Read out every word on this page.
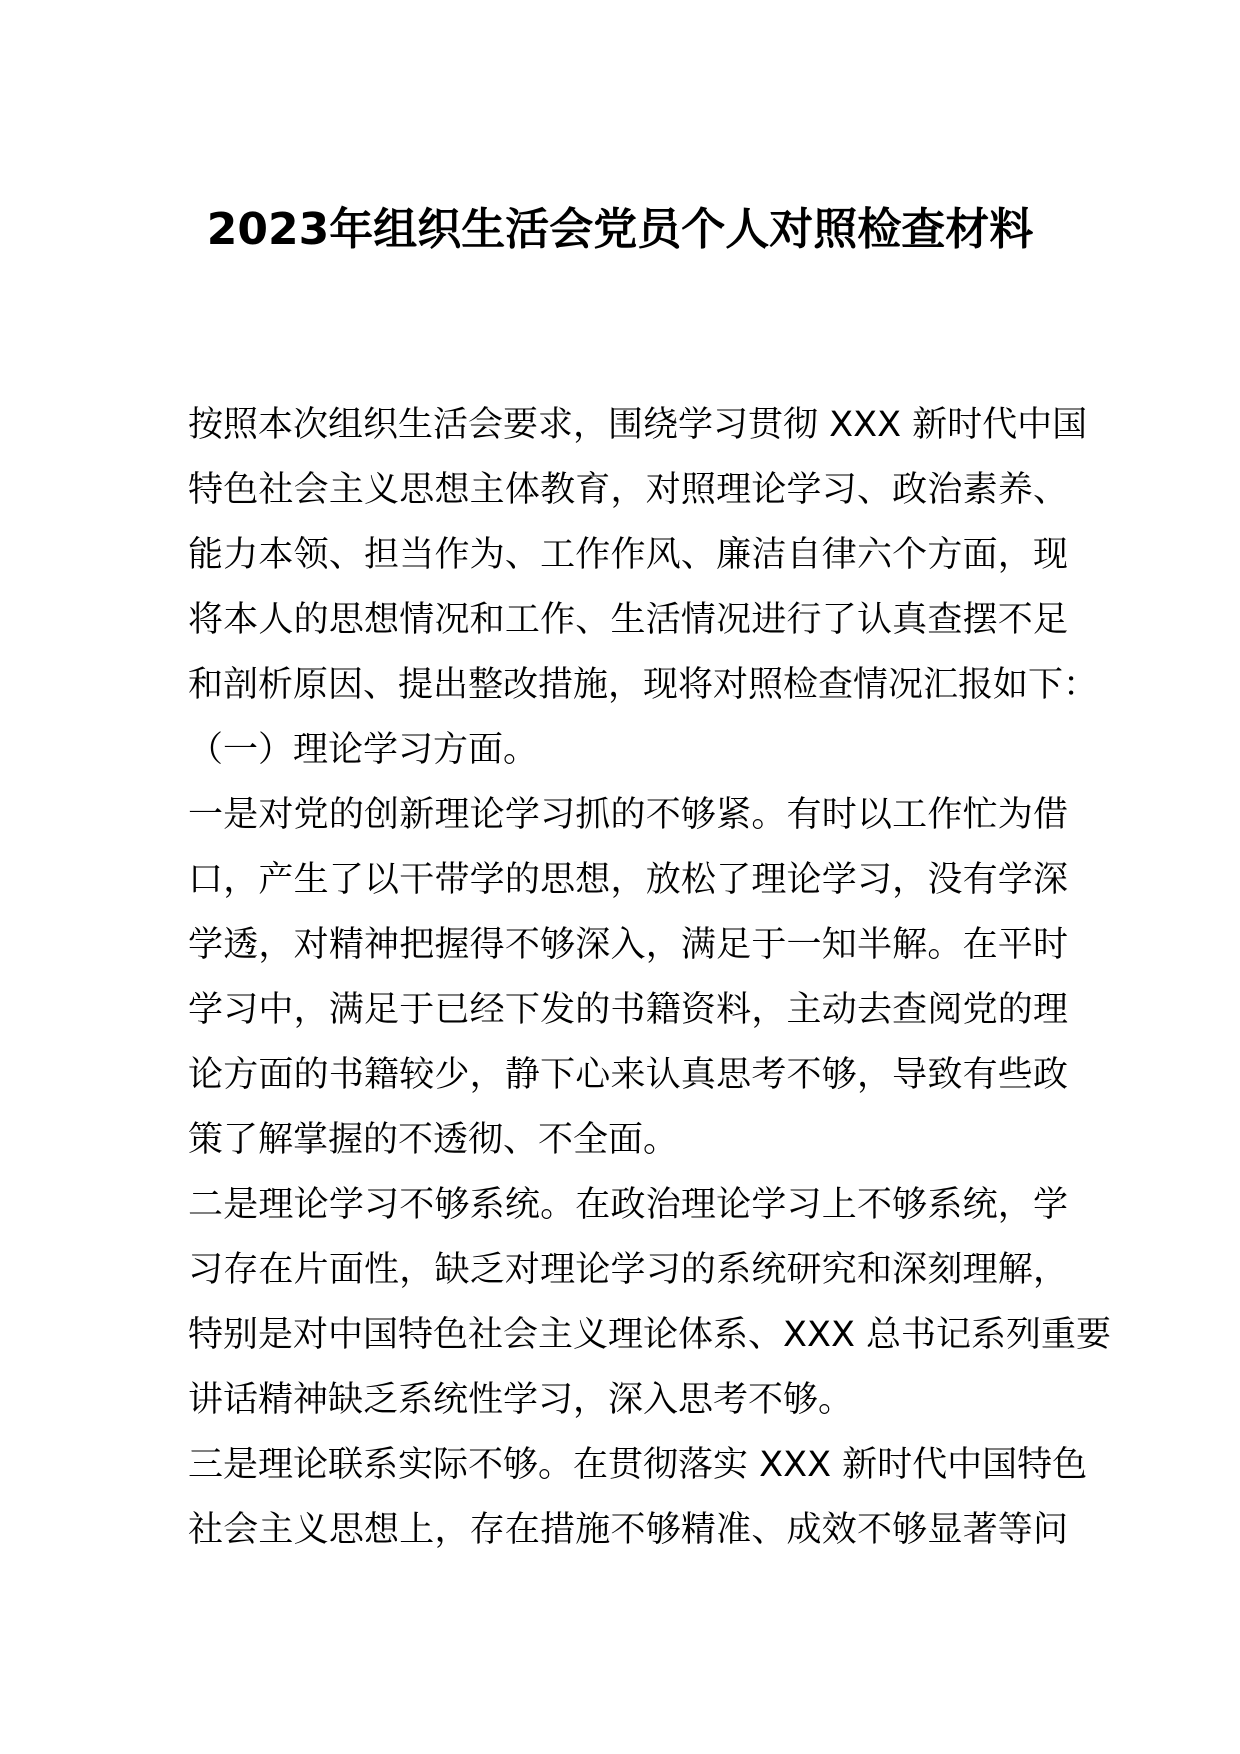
2023年组织生活会党员个人对照检查材料
按照本次组织生活会要求，围绕学习贯彻 XXX 新时代中国
特色社会主义思想主体教育，对照理论学习、政治素养、
能力本领、担当作为、工作作风、廉洁自律六个方面，现
将本人的思想情况和工作、生活情况进行了认真查摆不足
和剖析原因、提出整改措施，现将对照检查情况汇报如下：
（一）理论学习方面。
一是对党的创新理论学习抓的不够紧。有时以工作忙为借
口，产生了以干带学的思想，放松了理论学习，没有学深
学透，对精神把握得不够深入，满足于一知半解。在平时
学习中，满足于已经下发的书籍资料，主动去查阅党的理
论方面的书籍较少，静下心来认真思考不够，导致有些政
策了解掌握的不透彻、不全面。
二是理论学习不够系统。在政治理论学习上不够系统，学
习存在片面性，缺乏对理论学习的系统研究和深刻理解，
特别是对中国特色社会主义理论体系、XXX 总书记系列重要
讲话精神缺乏系统性学习，深入思考不够。
三是理论联系实际不够。在贯彻落实 XXX 新时代中国特色
社会主义思想上，存在措施不够精准、成效不够显著等问
